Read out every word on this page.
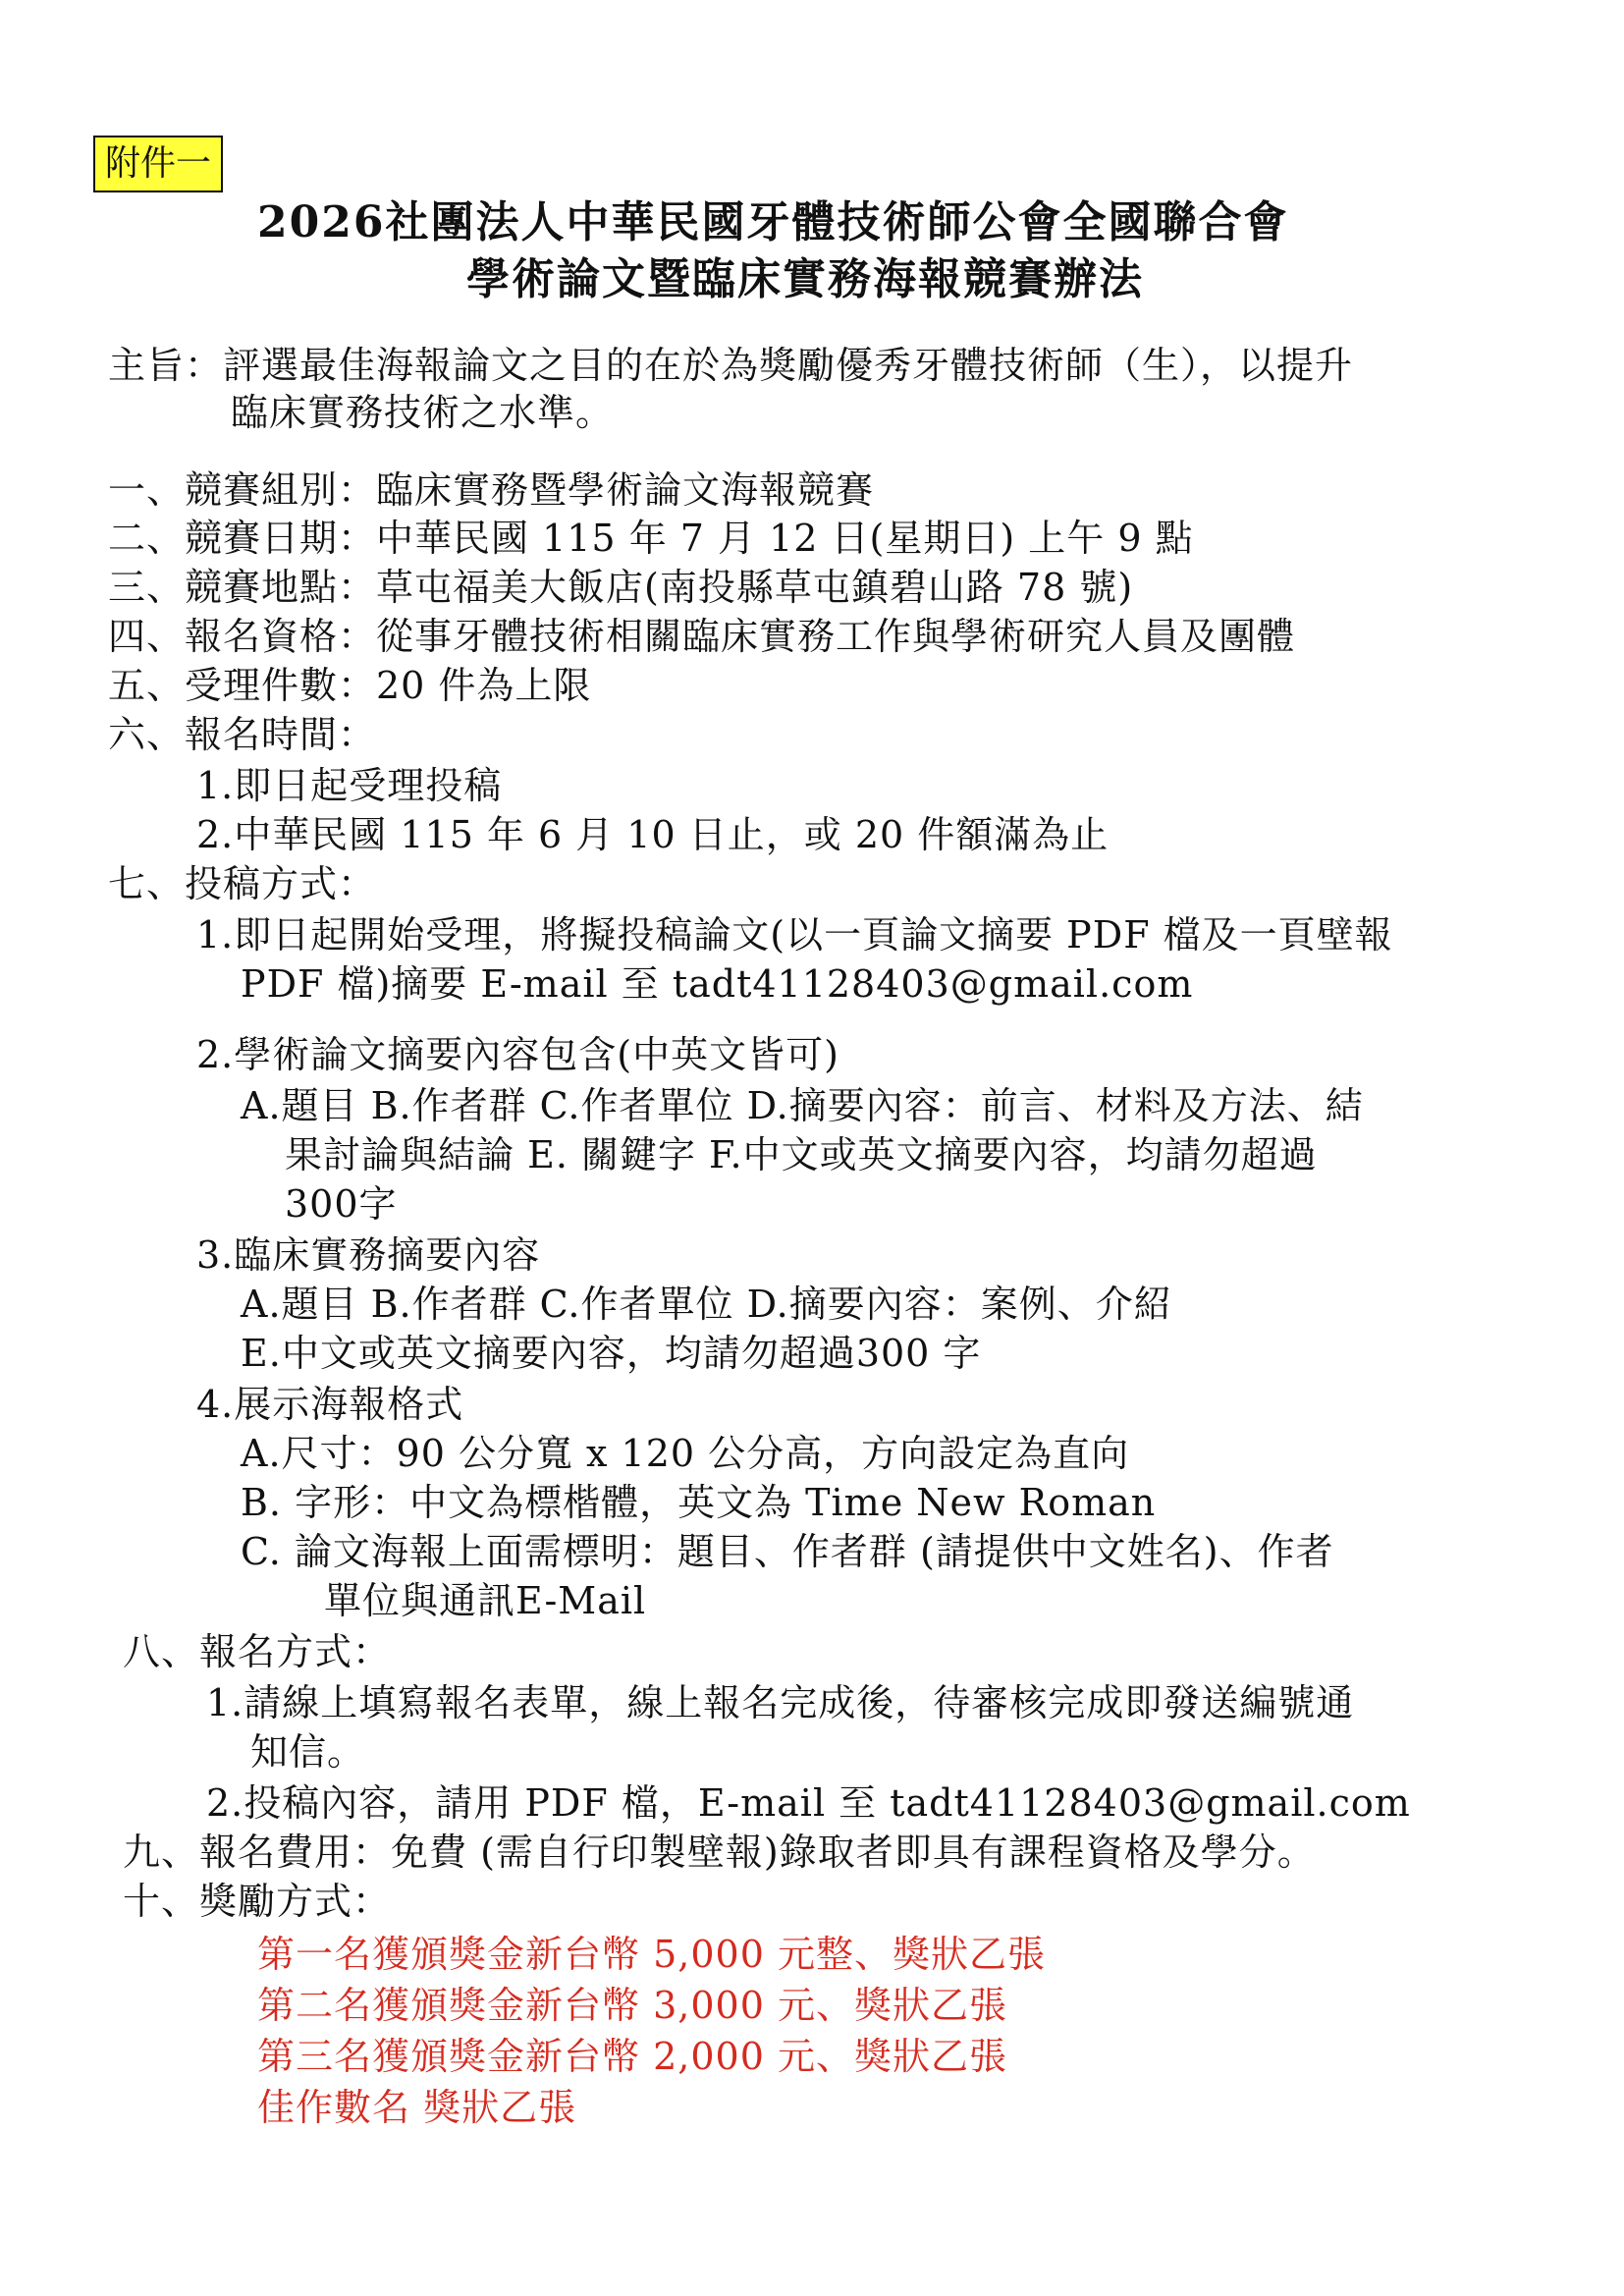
附件一
2026社團法人中華民國牙體技術師公會全國聯合會
學術論文暨臨床實務海報競賽辦法
主旨：評選最佳海報論文之目的在於為獎勵優秀牙體技術師（生），以提升
臨床實務技術之水準。
一、競賽組別：臨床實務暨學術論文海報競賽
二、競賽日期：中華民國 115 年 7 月 12 日(星期日) 上午 9 點
三、競賽地點：草屯福美大飯店(南投縣草屯鎮碧山路 78 號)
四、報名資格：從事牙體技術相關臨床實務工作與學術研究人員及團體
五、受理件數：20 件為上限
六、報名時間：
1.即日起受理投稿
2.中華民國 115 年 6 月 10 日止，或 20 件額滿為止
七、投稿方式：
1.即日起開始受理，將擬投稿論文(以一頁論文摘要 PDF 檔及一頁壁報
PDF 檔)摘要 E-mail 至 tadt41128403@gmail.com
2.學術論文摘要內容包含(中英文皆可)
A.題目 B.作者群 C.作者單位 D.摘要內容：前言、材料及方法、結
果討論與結論 E. 關鍵字 F.中文或英文摘要內容，均請勿超過
300字
3.臨床實務摘要內容
A.題目 B.作者群 C.作者單位 D.摘要內容：案例、介紹
E.中文或英文摘要內容，均請勿超過300 字
4.展示海報格式
A.尺寸：90 公分寬 x 120 公分高，方向設定為直向
B. 字形：中文為標楷體，英文為 Time New Roman
C. 論文海報上面需標明：題目、作者群 (請提供中文姓名)、作者
單位與通訊E-Mail
八、報名方式：
1.請線上填寫報名表單，線上報名完成後，待審核完成即發送編號通
知信。
2.投稿內容，請用 PDF 檔，E-mail 至 tadt41128403@gmail.com
九、報名費用：免費 (需自行印製壁報)錄取者即具有課程資格及學分。
十、獎勵方式：
第一名獲頒獎金新台幣 5,000 元整、獎狀乙張
第二名獲頒獎金新台幣 3,000 元、獎狀乙張
第三名獲頒獎金新台幣 2,000 元、獎狀乙張
佳作數名 獎狀乙張
